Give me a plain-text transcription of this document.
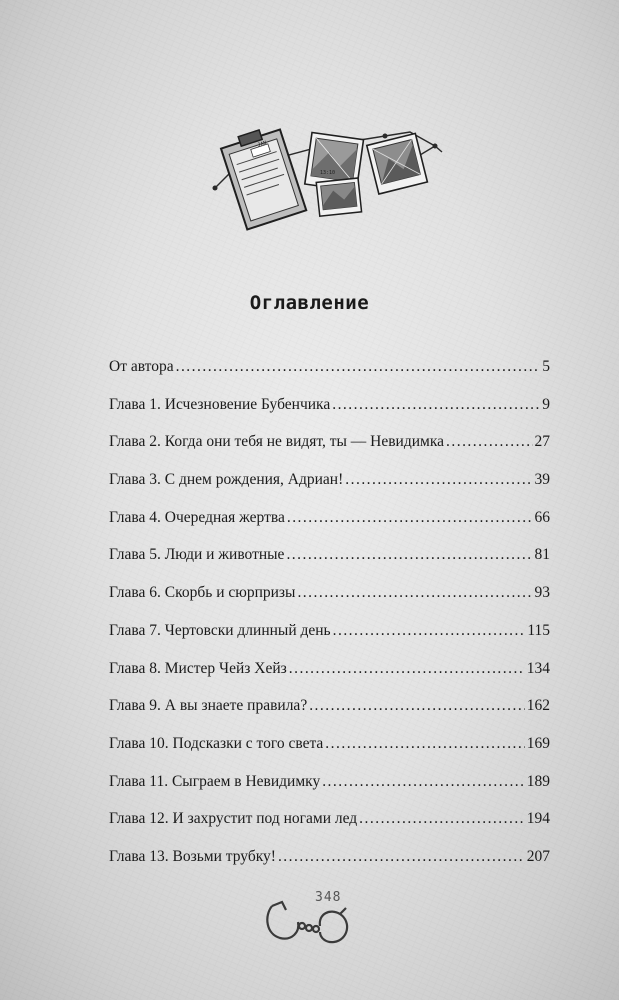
JAN
13:10
Оглавление
От автора . . .	5
Глава 1. Исчезновение Бубенчика . . .	9
Глава 2. Когда они тебя не видят, ты — Невидимка . . .	27
Глава 3. С днем рождения, Адриан! . . .	39
Глава 4. Очередная жертва . . .	66
Глава 5. Люди и животные . . .	81
Глава 6. Скорбь и сюрпризы . . .	93
Глава 7. Чертовски длинный день . . .	115
Глава 8. Мистер Чейз Хейз . . .	134
Глава 9. А вы знаете правила? . . .	162
Глава 10. Подсказки с того света . . .	169
Глава 11. Сыграем в Невидимку . . .	189
Глава 12. И захрустит под ногами лед . . .	194
Глава 13. Возьми трубку! . . .	207
348
